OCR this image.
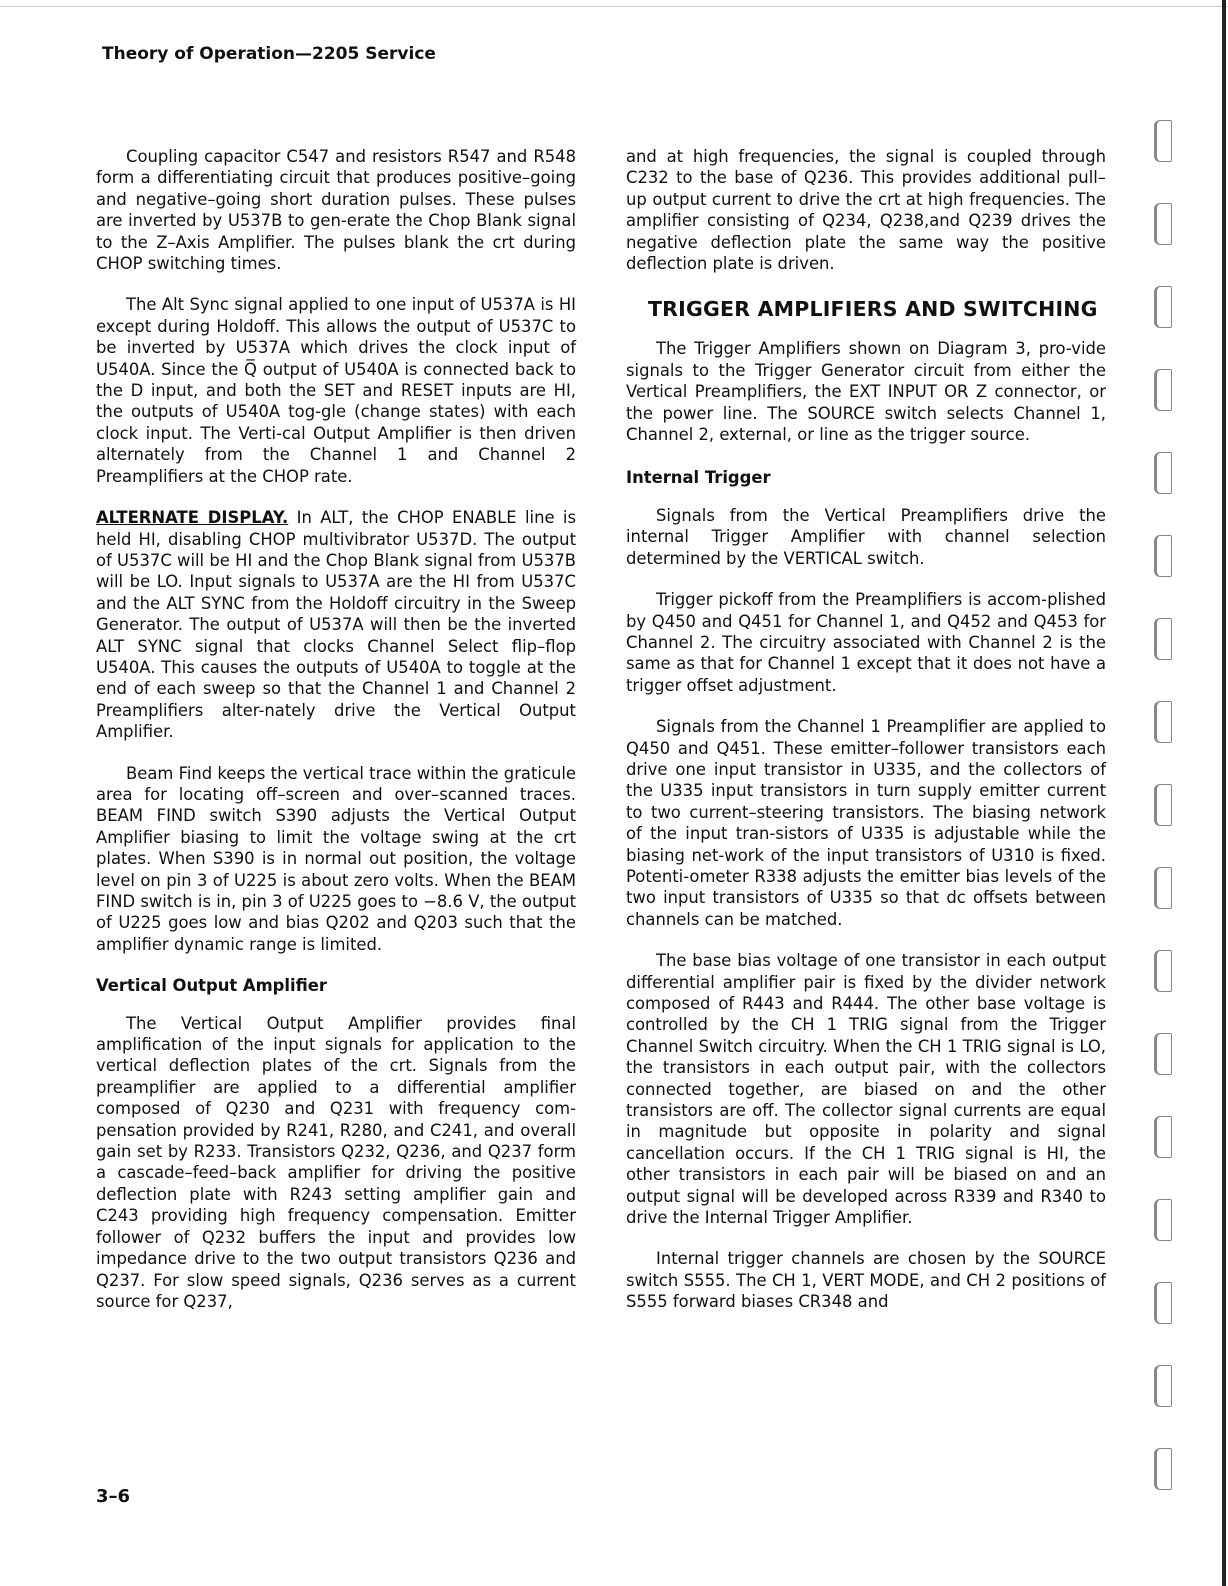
Theory of Operation—2205 Service

Coupling capacitor C547 and resistors R547 and R548 form a differentiating circuit that produces positive–going and negative–going short duration pulses. These pulses are inverted by U537B to gen-erate the Chop Blank signal to the Z–Axis Amplifier. The pulses blank the crt during CHOP switching times.

The Alt Sync signal applied to one input of U537A is HI except during Holdoff. This allows the output of U537C to be inverted by U537A which drives the clock input of U540A. Since the Q̅ output of U540A is connected back to the D input, and both the SET and RESET inputs are HI, the outputs of U540A tog-gle (change states) with each clock input. The Verti-cal Output Amplifier is then driven alternately from the Channel 1 and Channel 2 Preamplifiers at the CHOP rate.

ALTERNATE DISPLAY. In ALT, the CHOP ENABLE line is held HI, disabling CHOP multivibrator U537D. The output of U537C will be HI and the Chop Blank signal from U537B will be LO. Input signals to U537A are the HI from U537C and the ALT SYNC from the Holdoff circuitry in the Sweep Generator. The output of U537A will then be the inverted ALT SYNC signal that clocks Channel Select flip–flop U540A. This causes the outputs of U540A to toggle at the end of each sweep so that the Channel 1 and Channel 2 Preamplifiers alter-nately drive the Vertical Output Amplifier.

Beam Find keeps the vertical trace within the graticule area for locating off–screen and over–scanned traces. BEAM FIND switch S390 adjusts the Vertical Output Amplifier biasing to limit the voltage swing at the crt plates. When S390 is in normal out position, the voltage level on pin 3 of U225 is about zero volts. When the BEAM FIND switch is in, pin 3 of U225 goes to −8.6 V, the output of U225 goes low and bias Q202 and Q203 such that the amplifier dynamic range is limited.

Vertical Output Amplifier

The Vertical Output Amplifier provides final amplification of the input signals for application to the vertical deflection plates of the crt. Signals from the preamplifier are applied to a differential amplifier composed of Q230 and Q231 with frequency com-pensation provided by R241, R280, and C241, and overall gain set by R233. Transistors Q232, Q236, and Q237 form a cascade–feed–back amplifier for driving the positive deflection plate with R243 setting amplifier gain and C243 providing high frequency compensation. Emitter follower of Q232 buffers the input and provides low impedance drive to the two output transistors Q236 and Q237. For slow speed signals, Q236 serves as a current source for Q237,

and at high frequencies, the signal is coupled through C232 to the base of Q236. This provides additional pull–up output current to drive the crt at high frequencies. The amplifier consisting of Q234, Q238,and Q239 drives the negative deflection plate the same way the positive deflection plate is driven.

TRIGGER AMPLIFIERS AND SWITCHING

The Trigger Amplifiers shown on Diagram 3, pro-vide signals to the Trigger Generator circuit from either the Vertical Preamplifiers, the EXT INPUT OR Z connector, or the power line. The SOURCE switch selects Channel 1, Channel 2, external, or line as the trigger source.

Internal Trigger

Signals from the Vertical Preamplifiers drive the internal Trigger Amplifier with channel selection determined by the VERTICAL switch.

Trigger pickoff from the Preamplifiers is accom-plished by Q450 and Q451 for Channel 1, and Q452 and Q453 for Channel 2. The circuitry associated with Channel 2 is the same as that for Channel 1 except that it does not have a trigger offset adjustment.

Signals from the Channel 1 Preamplifier are applied to Q450 and Q451. These emitter–follower transistors each drive one input transistor in U335, and the collectors of the U335 input transistors in turn supply emitter current to two current–steering transistors. The biasing network of the input tran-sistors of U335 is adjustable while the biasing net-work of the input transistors of U310 is fixed. Potenti-ometer R338 adjusts the emitter bias levels of the two input transistors of U335 so that dc offsets between channels can be matched.

The base bias voltage of one transistor in each output differential amplifier pair is fixed by the divider network composed of R443 and R444. The other base voltage is controlled by the CH 1 TRIG signal from the Trigger Channel Switch circuitry. When the CH 1 TRIG signal is LO, the transistors in each output pair, with the collectors connected together, are biased on and the other transistors are off. The collector signal currents are equal in magnitude but opposite in polarity and signal cancellation occurs. If the CH 1 TRIG signal is HI, the other transistors in each pair will be biased on and an output signal will be developed across R339 and R340 to drive the Internal Trigger Amplifier.

Internal trigger channels are chosen by the SOURCE switch S555. The CH 1, VERT MODE, and CH 2 positions of S555 forward biases CR348 and

3–6
